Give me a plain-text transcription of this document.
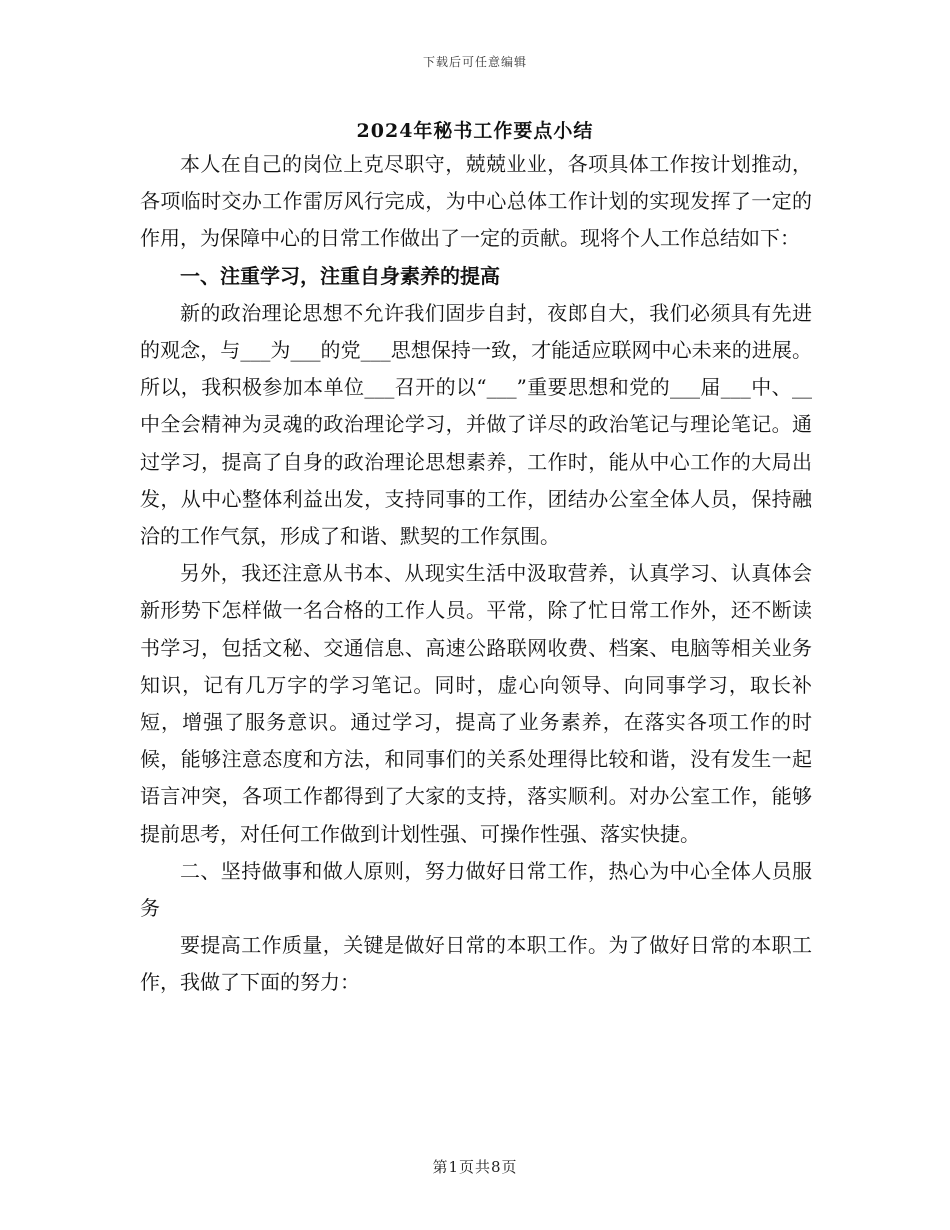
下载后可任意编辑
2024年秘书工作要点小结

本人在自己的岗位上克尽职守，兢兢业业，各项具体工作按计划推动，各项临时交办工作雷厉风行完成，为中心总体工作计划的实现发挥了一定的作用，为保障中心的日常工作做出了一定的贡献。现将个人工作总结如下：

一、注重学习，注重自身素养的提高

新的政治理论思想不允许我们固步自封，夜郎自大，我们必须具有先进的观念，与___为___的党___思想保持一致，才能适应联网中心未来的进展。所以，我积极参加本单位___召开的以“___”重要思想和党的___届___中、__中全会精神为灵魂的政治理论学习，并做了详尽的政治笔记与理论笔记。通过学习，提高了自身的政治理论思想素养，工作时，能从中心工作的大局出发，从中心整体利益出发，支持同事的工作，团结办公室全体人员，保持融洽的工作气氛，形成了和谐、默契的工作氛围。

另外，我还注意从书本、从现实生活中汲取营养，认真学习、认真体会新形势下怎样做一名合格的工作人员。平常，除了忙日常工作外，还不断读书学习，包括文秘、交通信息、高速公路联网收费、档案、电脑等相关业务知识，记有几万字的学习笔记。同时，虚心向领导、向同事学习，取长补短，增强了服务意识。通过学习，提高了业务素养，在落实各项工作的时候，能够注意态度和方法，和同事们的关系处理得比较和谐，没有发生一起语言冲突，各项工作都得到了大家的支持，落实顺利。对办公室工作，能够提前思考，对任何工作做到计划性强、可操作性强、落实快捷。

二、坚持做事和做人原则，努力做好日常工作，热心为中心全体人员服务

要提高工作质量，关键是做好日常的本职工作。为了做好日常的本职工作，我做了下面的努力：

第1页共8页
